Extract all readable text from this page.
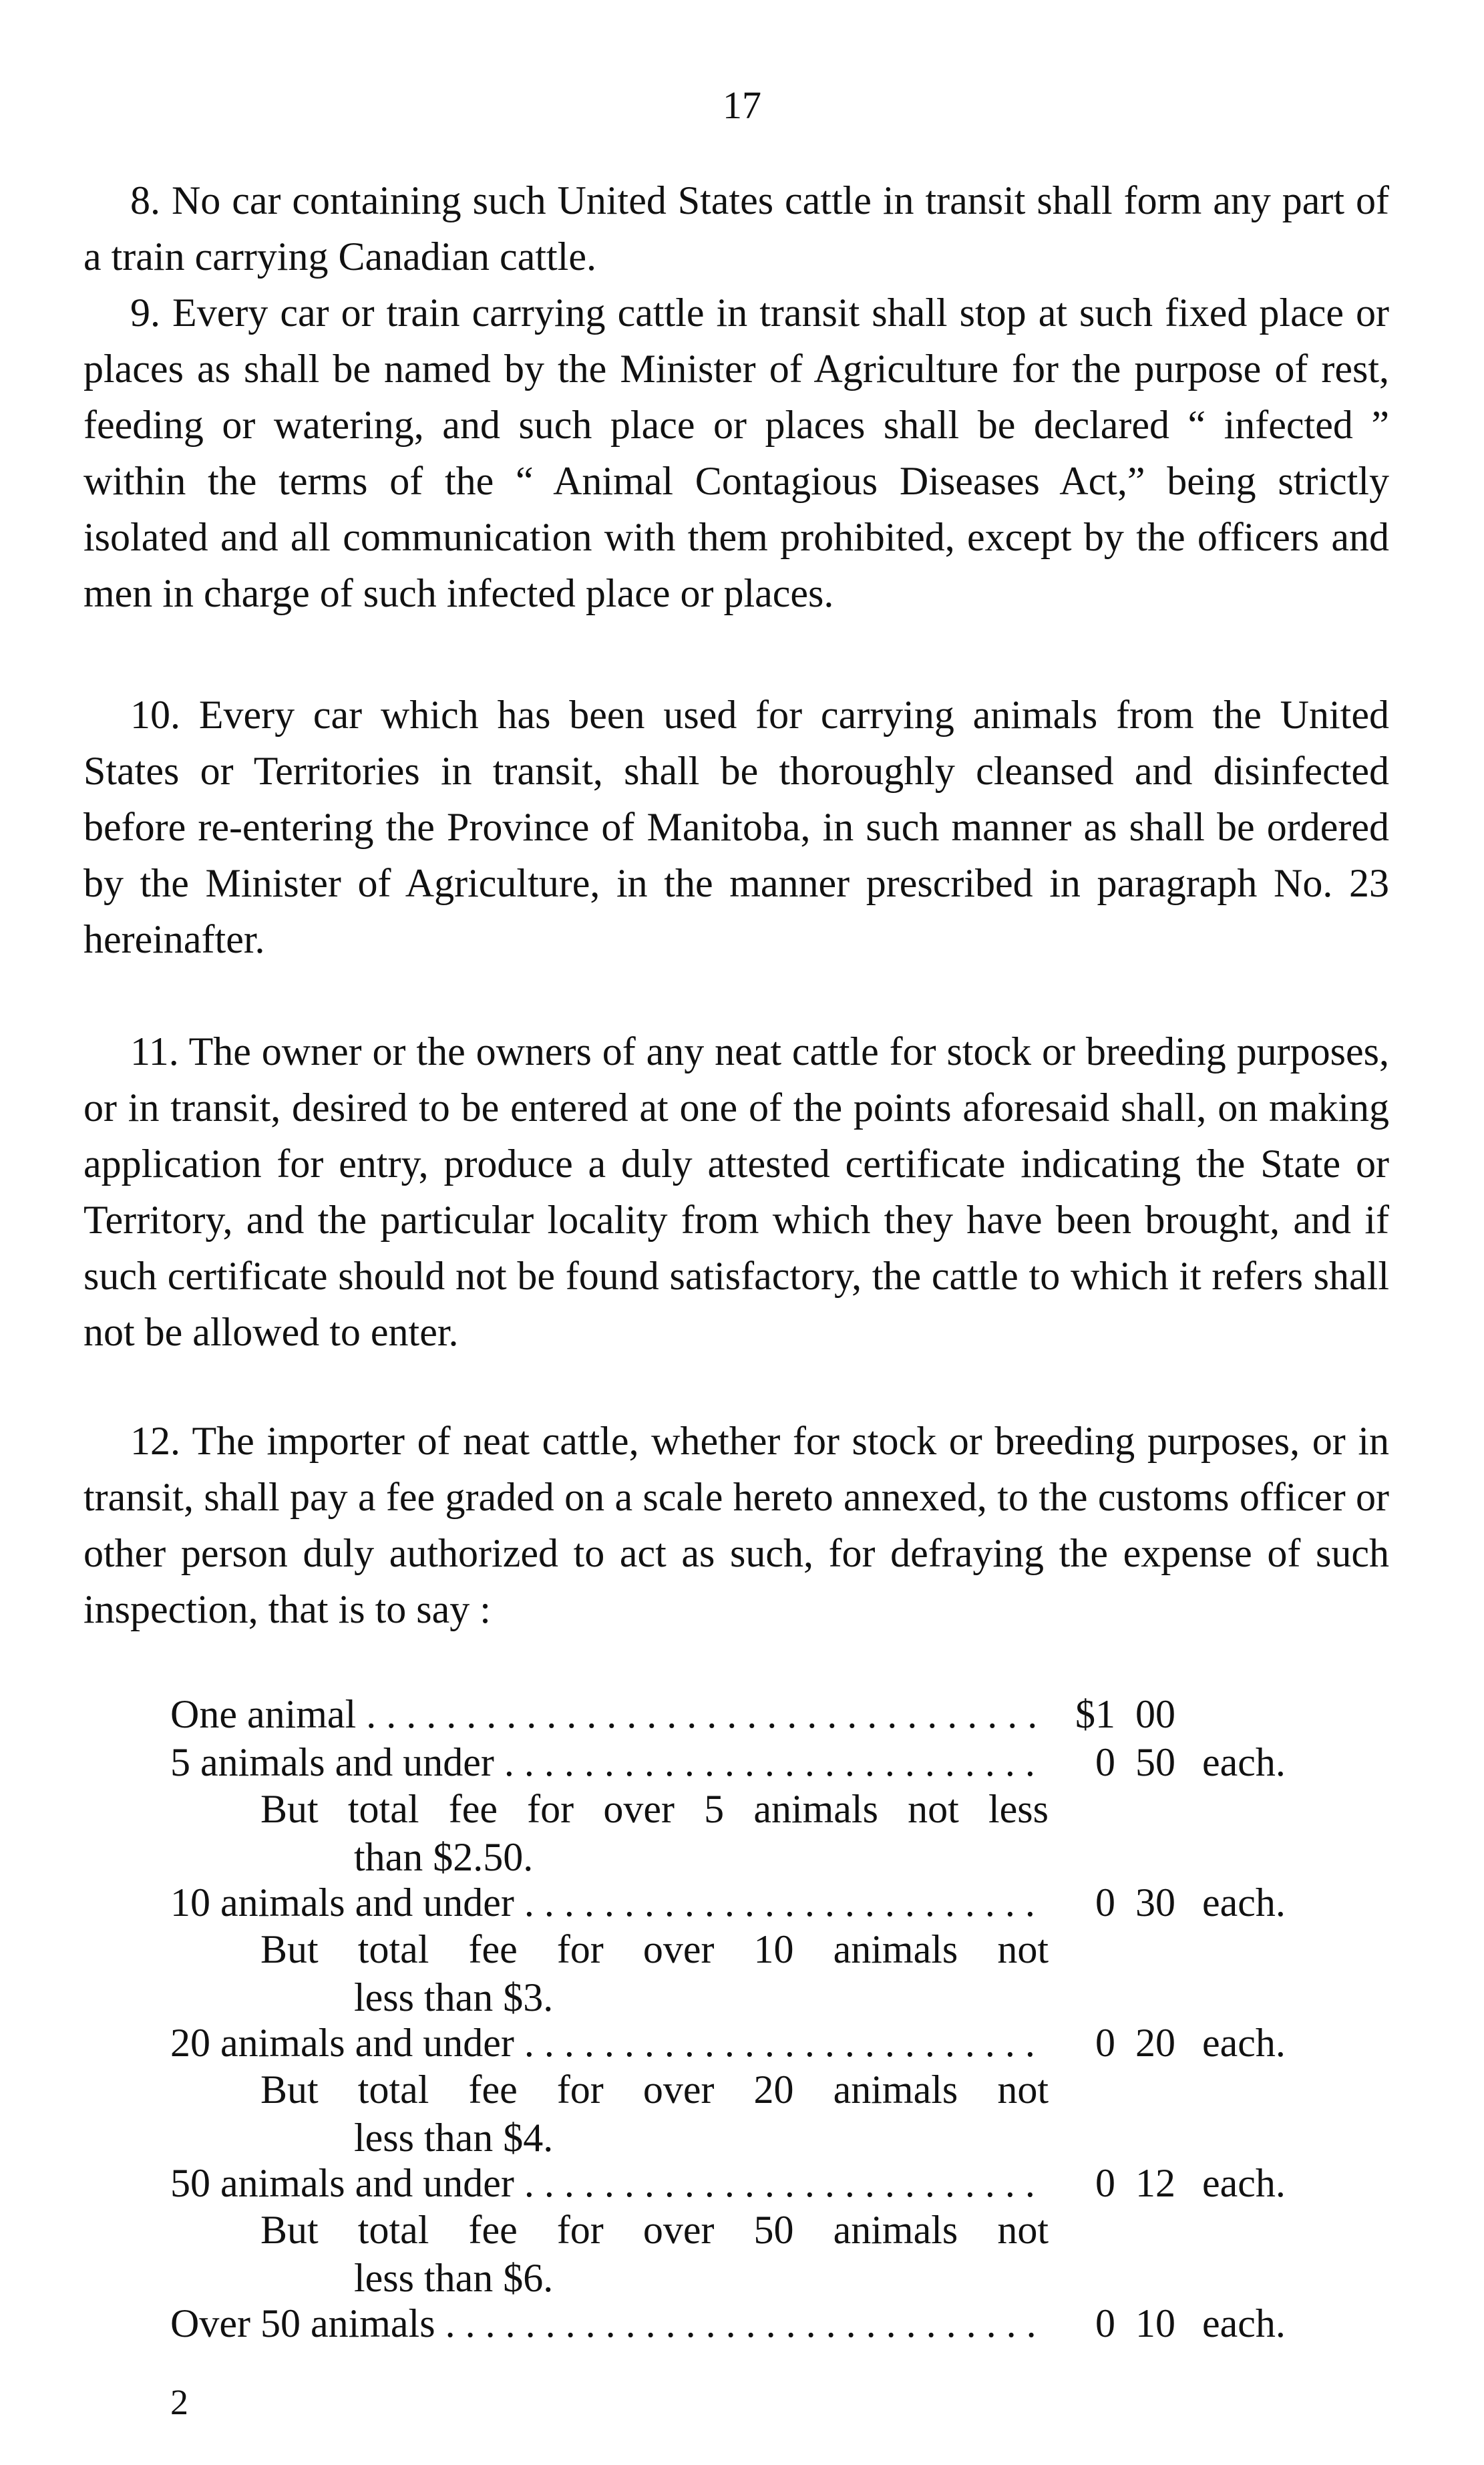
17

8. No car containing such United States cattle in transit shall form any part of a train carrying Canadian cattle.

9. Every car or train carrying cattle in transit shall stop at such fixed place or places as shall be named by the Minister of Agriculture for the purpose of rest, feeding or watering, and such place or places shall be declared “ infected ” within the terms of the “ Animal Contagious Diseases Act,” being strictly isolated and all communication with them prohibited, except by the officers and men in charge of such infected place or places.

10. Every car which has been used for carrying animals from the United States or Territories in transit, shall be thoroughly cleansed and disinfected before re-entering the Province of Manitoba, in such manner as shall be ordered by the Minister of Agriculture, in the manner prescribed in paragraph No. 23 hereinafter.

11. The owner or the owners of any neat cattle for stock or breeding purposes, or in transit, desired to be entered at one of the points aforesaid shall, on making application for entry, produce a duly attested certificate indicating the State or Territory, and the particular locality from which they have been brought, and if such certificate should not be found satisfactory, the cattle to which it refers shall not be allowed to enter.

12. The importer of neat cattle, whether for stock or breeding purposes, or in transit, shall pay a fee graded on a scale hereto annexed, to the customs officer or other person duly authorized to act as such, for defraying the expense of such inspection, that is to say :

One animal . . .	$1 00
5 animals and under . . .	0 50 each.
But total fee for over 5 animals not less
than $2.50.
10 animals and under . . .	0 30 each.
But total fee for over 10 animals not
less than $3.
20 animals and under . . .	0 20 each.
But total fee for over 20 animals not
less than $4.
50 animals and under . . .	0 12 each.
But total fee for over 50 animals not
less than $6.
Over 50 animals . . .	0 10 each.
2
